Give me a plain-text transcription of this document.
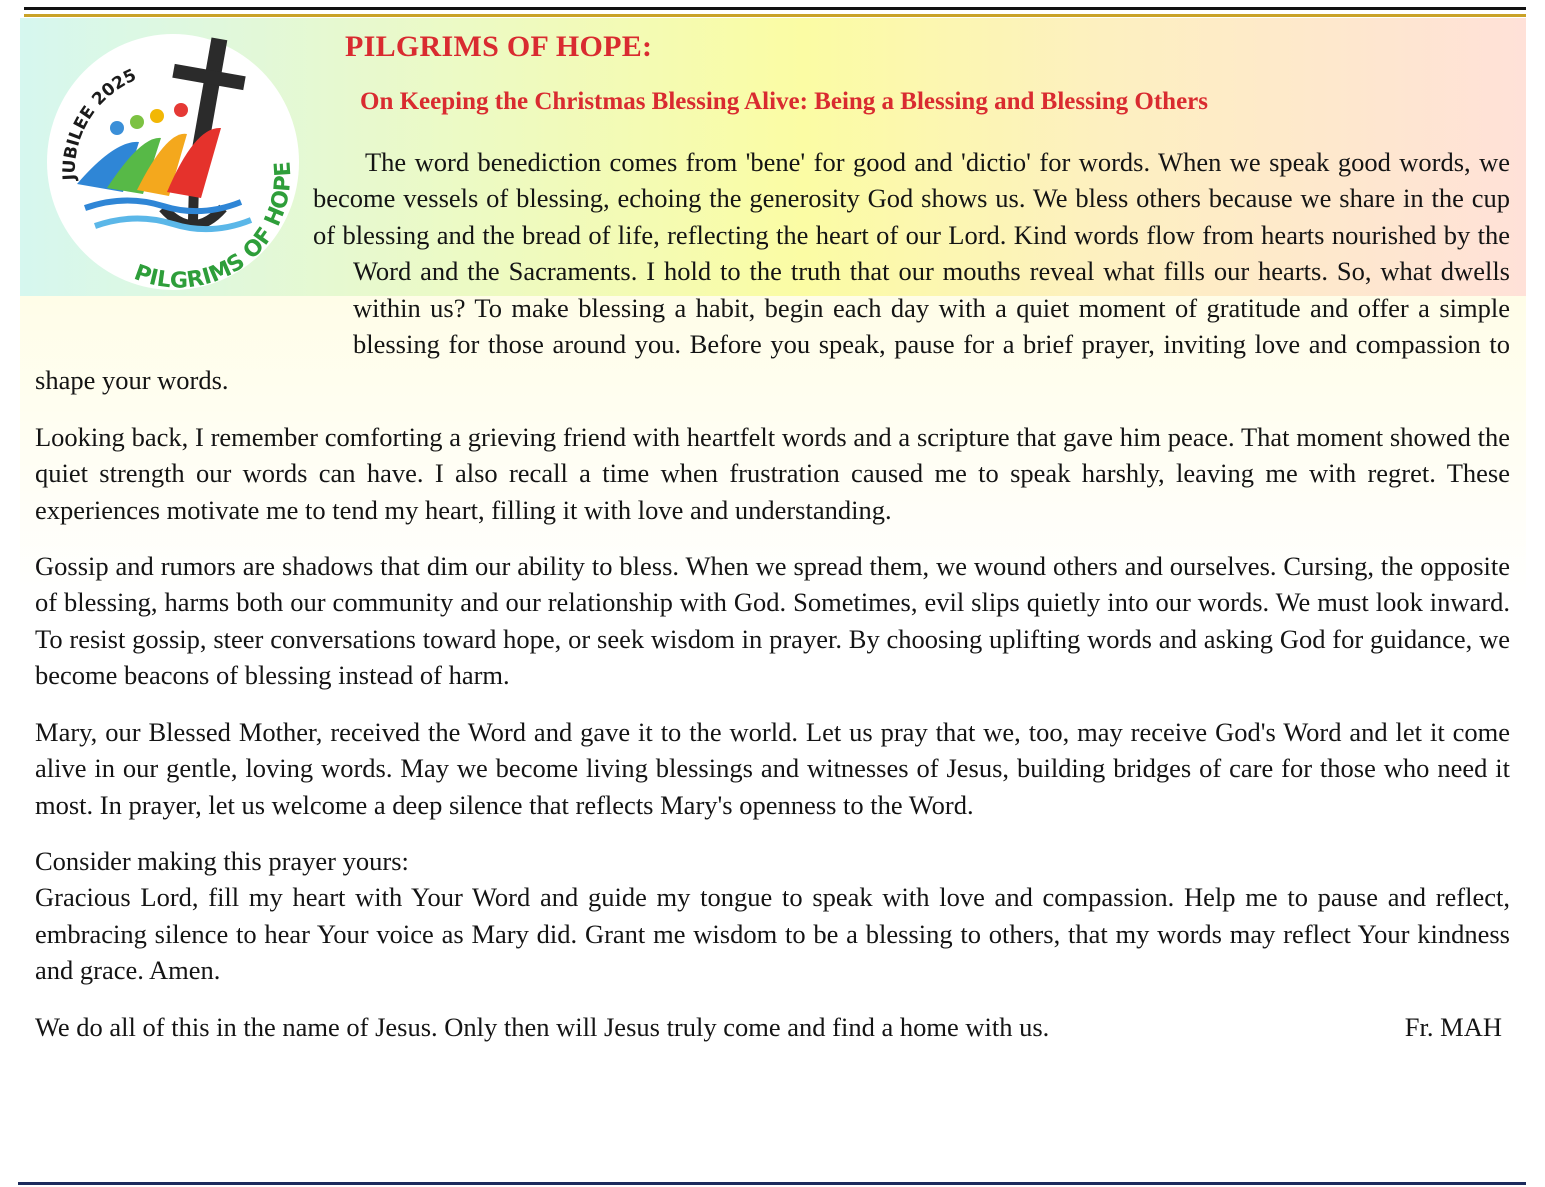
JUBILEE 2025
PILGRIMS OF HOPE
PILGRIMS OF HOPE:
On Keeping the Christmas Blessing Alive: Being a Blessing and Blessing Others

The word benediction comes from 'bene' for good and 'dictio' for words. When we speak good words, we become vessels of blessing, echoing the generosity God shows us. We bless others because we share in the cup of blessing and the bread of life, reflecting the heart of our Lord. Kind words flow from hearts nourished by the Word and the Sacraments. I hold to the truth that our mouths reveal what fills our hearts. So, what dwells within us? To make blessing a habit, begin each day with a quiet moment of gratitude and offer a simple blessing for those around you. Before you speak, pause for a brief prayer, inviting love and compassion to shape your words.

Looking back, I remember comforting a grieving friend with heartfelt words and a scripture that gave him peace. That moment showed the quiet strength our words can have. I also recall a time when frustration caused me to speak harshly, leaving me with regret. These experiences motivate me to tend my heart, filling it with love and understanding.

Gossip and rumors are shadows that dim our ability to bless. When we spread them, we wound others and ourselves. Cursing, the opposite of blessing, harms both our community and our relationship with God. Sometimes, evil slips quietly into our words. We must look inward. To resist gossip, steer conversations toward hope, or seek wisdom in prayer. By choosing uplifting words and asking God for guidance, we become beacons of blessing instead of harm.

Mary, our Blessed Mother, received the Word and gave it to the world. Let us pray that we, too, may receive God's Word and let it come alive in our gentle, loving words. May we become living blessings and witnesses of Jesus, building bridges of care for those who need it most. In prayer, let us welcome a deep silence that reflects Mary's openness to the Word.

Consider making this prayer yours:
Gracious Lord, fill my heart with Your Word and guide my tongue to speak with love and compassion. Help me to pause and reflect, embracing silence to hear Your voice as Mary did. Grant me wisdom to be a blessing to others, that my words may reflect Your kindness and grace. Amen.

We do all of this in the name of Jesus. Only then will Jesus truly come and find a home with us.	Fr. MAH
